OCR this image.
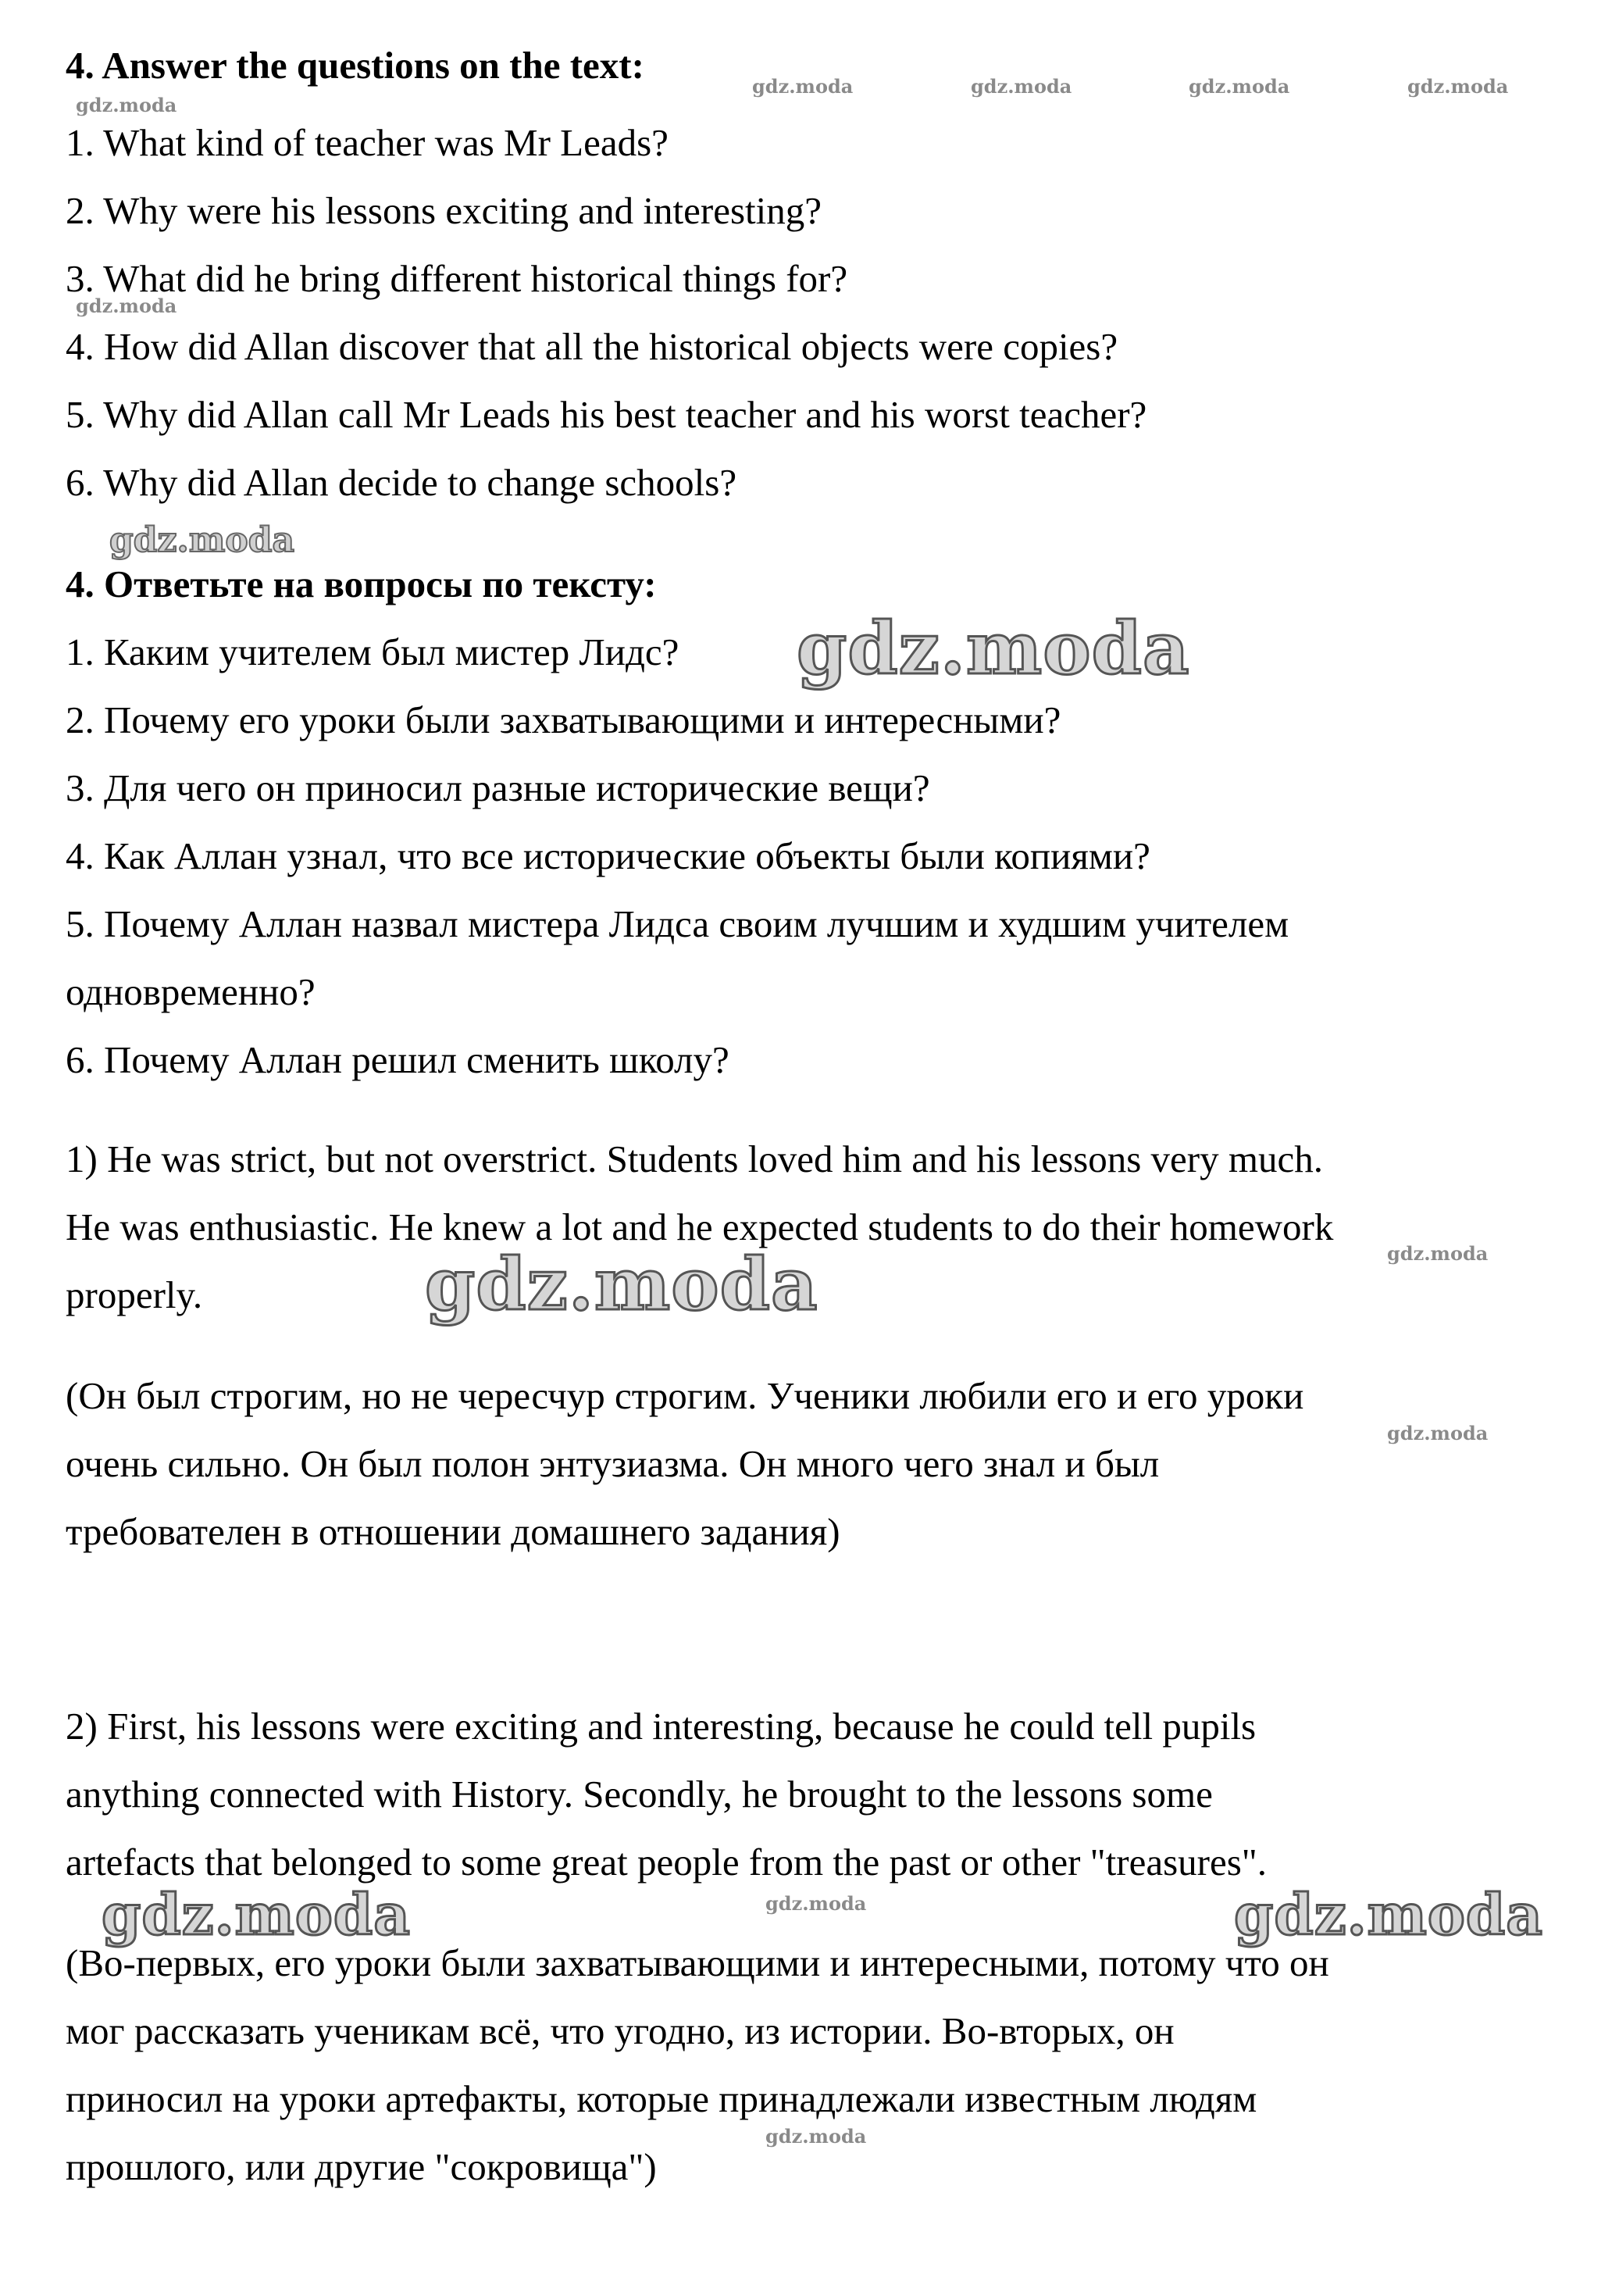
4. Answer the questions on the text:
1. What kind of teacher was Mr Leads?
2. Why were his lessons exciting and interesting?
3. What did he bring different historical things for?
4. How did Allan discover that all the historical objects were copies?
5. Why did Allan call Mr Leads his best teacher and his worst teacher?
6. Why did Allan decide to change schools?
4. Ответьте на вопросы по тексту:
1. Каким учителем был мистер Лидс?
2. Почему его уроки были захватывающими и интересными?
3. Для чего он приносил разные исторические вещи?
4. Как Аллан узнал, что все исторические объекты были копиями?
5. Почему Аллан назвал мистера Лидса своим лучшим и худшим учителем
одновременно?
6. Почему Аллан решил сменить школу?
1) He was strict, but not overstrict. Students loved him and his lessons very much.
He was enthusiastic. He knew a lot and he expected students to do their homework
properly.
(Он был строгим, но не чересчур строгим. Ученики любили его и его уроки
очень сильно. Он был полон энтузиазма. Он много чего знал и был
требователен в отношении домашнего задания)
2) First, his lessons were exciting and interesting, because he could tell pupils
anything connected with History. Secondly, he brought to the lessons some
artefacts that belonged to some great people from the past or other "treasures".
(Во-первых, его уроки были захватывающими и интересными, потому что он
мог рассказать ученикам всё, что угодно, из истории. Во-вторых, он
приносил на уроки артефакты, которые принадлежали известным людям
прошлого, или другие "сокровища")
gdz.moda	gdz.moda	gdz.moda	gdz.moda
gdz.moda
gdz.moda
gdz.moda
gdz.moda
gdz.moda
gdz.moda
gdz.moda
gdz.moda	gdz.moda	gdz.moda
gdz.moda
